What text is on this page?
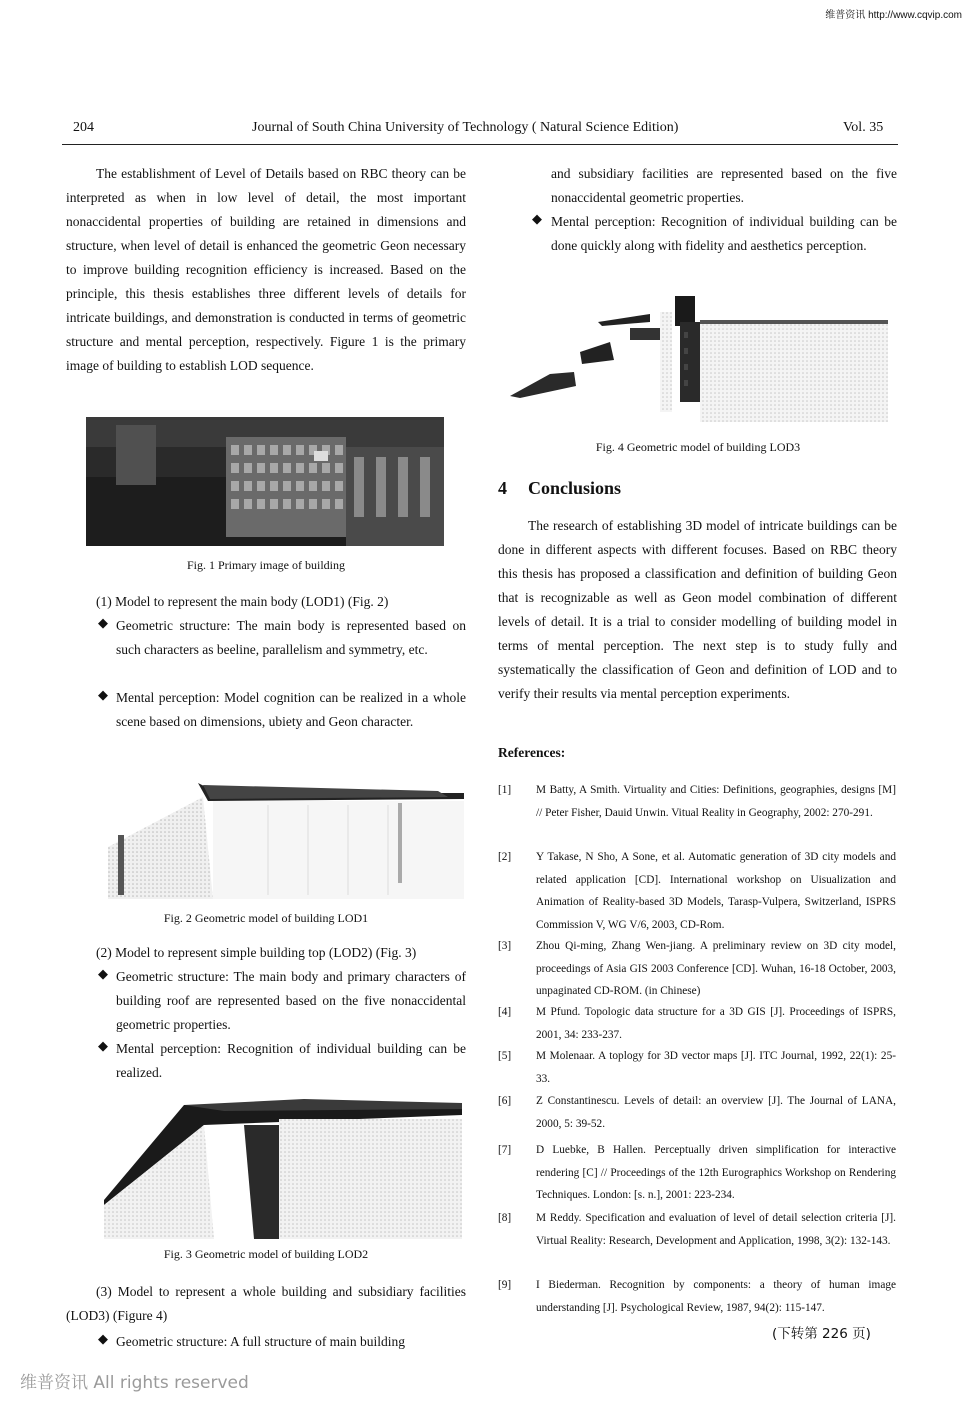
维普资讯 http://www.cqvip.com
204	Journal of South China University of Technology ( Natural Science Edition)	Vol. 35
The establishment of Level of Details based on RBC theory can be interpreted as when in low level of detail, the most important nonaccidental properties of building are retained in dimensions and structure, when level of detail is enhanced the geometric Geon necessary to improve building recognition efficiency is increased. Based on the principle, this thesis establishes three different levels of details for intricate buildings, and demonstration is conducted in terms of geometric structure and mental perception, respectively. Figure 1 is the primary image of building to establish LOD sequence.
Fig. 1 Primary image of building
(1) Model to represent the main body (LOD1) (Fig. 2)
◆ Geometric structure: The main body is represented based on such characters as beeline, parallelism and symmetry, etc.
◆ Mental perception: Model cognition can be realized in a whole scene based on dimensions, ubiety and Geon character.
Fig. 2 Geometric model of building LOD1
(2) Model to represent simple building top (LOD2) (Fig. 3)
◆ Geometric structure: The main body and primary characters of building roof are represented based on the five nonaccidental geometric properties.
◆ Mental perception: Recognition of individual building can be realized.
Fig. 3 Geometric model of building LOD2
(3) Model to represent a whole building and subsidiary facilities (LOD3) (Figure 4)
◆ Geometric structure: A full structure of main building
and subsidiary facilities are represented based on the five nonaccidental geometric properties.
◆ Mental perception: Recognition of individual building can be done quickly along with fidelity and aesthetics perception.
Fig. 4 Geometric model of building LOD3
4 Conclusions
The research of establishing 3D model of intricate buildings can be done in different aspects with different focuses. Based on RBC theory this thesis has proposed a classification and definition of building Geon that is recognizable as well as Geon model combination of different levels of detail. It is a trial to consider modelling of building model in terms of mental perception. The next step is to study fully and systematically the classification of Geon and definition of LOD and to verify their results via mental perception experiments.
References:
[1] M Batty, A Smith. Virtuality and Cities: Definitions, geographies, designs [M] // Peter Fisher, Dauid Unwin. Vitual Reality in Geography, 2002: 270-291.
[2] Y Takase, N Sho, A Sone, et al. Automatic generation of 3D city models and related application [CD]. International workshop on Uisualization and Animation of Reality-based 3D Models, Tarasp-Vulpera, Switzerland, ISPRS Commission V, WG V/6, 2003, CD-Rom.
[3] Zhou Qi-ming, Zhang Wen-jiang. A preliminary review on 3D city model, proceedings of Asia GIS 2003 Conference [CD]. Wuhan, 16-18 October, 2003, unpaginated CD-ROM. (in Chinese)
[4] M Pfund. Topologic data structure for a 3D GIS [J]. Proceedings of ISPRS, 2001, 34: 233-237.
[5] M Molenaar. A toplogy for 3D vector maps [J]. ITC Journal, 1992, 22(1): 25-33.
[6] Z Constantinescu. Levels of detail: an overview [J]. The Journal of LANA, 2000, 5: 39-52.
[7] D Luebke, B Hallen. Perceptually driven simplification for interactive rendering [C] // Proceedings of the 12th Eurographics Workshop on Rendering Techniques. London: [s. n.], 2001: 223-234.
[8] M Reddy. Specification and evaluation of level of detail selection criteria [J]. Virtual Reality: Research, Development and Application, 1998, 3(2): 132-143.
[9] I Biederman. Recognition by components: a theory of human image understanding [J]. Psychological Review, 1987, 94(2): 115-147.
(下转第 226 页)
维普资讯 All rights reserved
